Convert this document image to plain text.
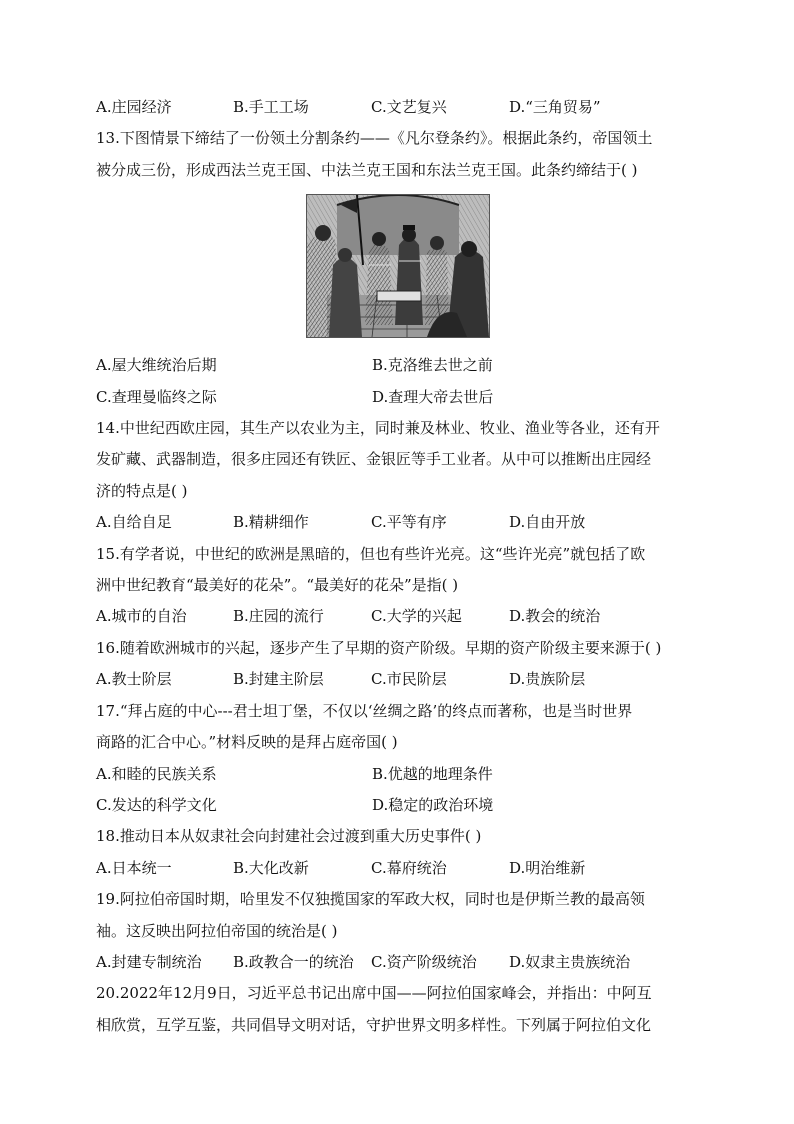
A.庄园经济	B.手工工场	C.文艺复兴	D.“三角贸易”
13.下图情景下缔结了一份领土分割条约——《凡尔登条约》。根据此条约，帝国领土
被分成三份，形成西法兰克王国、中法兰克王国和东法兰克王国。此条约缔结于( )
A.屋大维统治后期	B.克洛维去世之前
C.查理曼临终之际	D.查理大帝去世后
14.中世纪西欧庄园，其生产以农业为主，同时兼及林业、牧业、渔业等各业，还有开
发矿藏、武器制造，很多庄园还有铁匠、金银匠等手工业者。从中可以推断出庄园经
济的特点是( )
A.自给自足	B.精耕细作	C.平等有序	D.自由开放
15.有学者说，中世纪的欧洲是黑暗的，但也有些许光亮。这“些许光亮”就包括了欧
洲中世纪教育“最美好的花朵”。“最美好的花朵”是指( )
A.城市的自治	B.庄园的流行	C.大学的兴起	D.教会的统治
16.随着欧洲城市的兴起，逐步产生了早期的资产阶级。早期的资产阶级主要来源于( )
A.教士阶层	B.封建主阶层	C.市民阶层	D.贵族阶层
17.“拜占庭的中心---君士坦丁堡，不仅以‘丝绸之路’的终点而著称，也是当时世界
商路的汇合中心。”材料反映的是拜占庭帝国( )
A.和睦的民族关系	B.优越的地理条件
C.发达的科学文化	D.稳定的政治环境
18.推动日本从奴隶社会向封建社会过渡到重大历史事件( )
A.日本统一	B.大化改新	C.幕府统治	D.明治维新
19.阿拉伯帝国时期，哈里发不仅独揽国家的军政大权，同时也是伊斯兰教的最高领
袖。这反映出阿拉伯帝国的统治是( )
A.封建专制统治	B.政教合一的统治	C.资产阶级统治	D.奴隶主贵族统治
20.2022年12月9日，习近平总书记出席中国——阿拉伯国家峰会，并指出：中阿互
相欣赏，互学互鉴，共同倡导文明对话，守护世界文明多样性。下列属于阿拉伯文化
